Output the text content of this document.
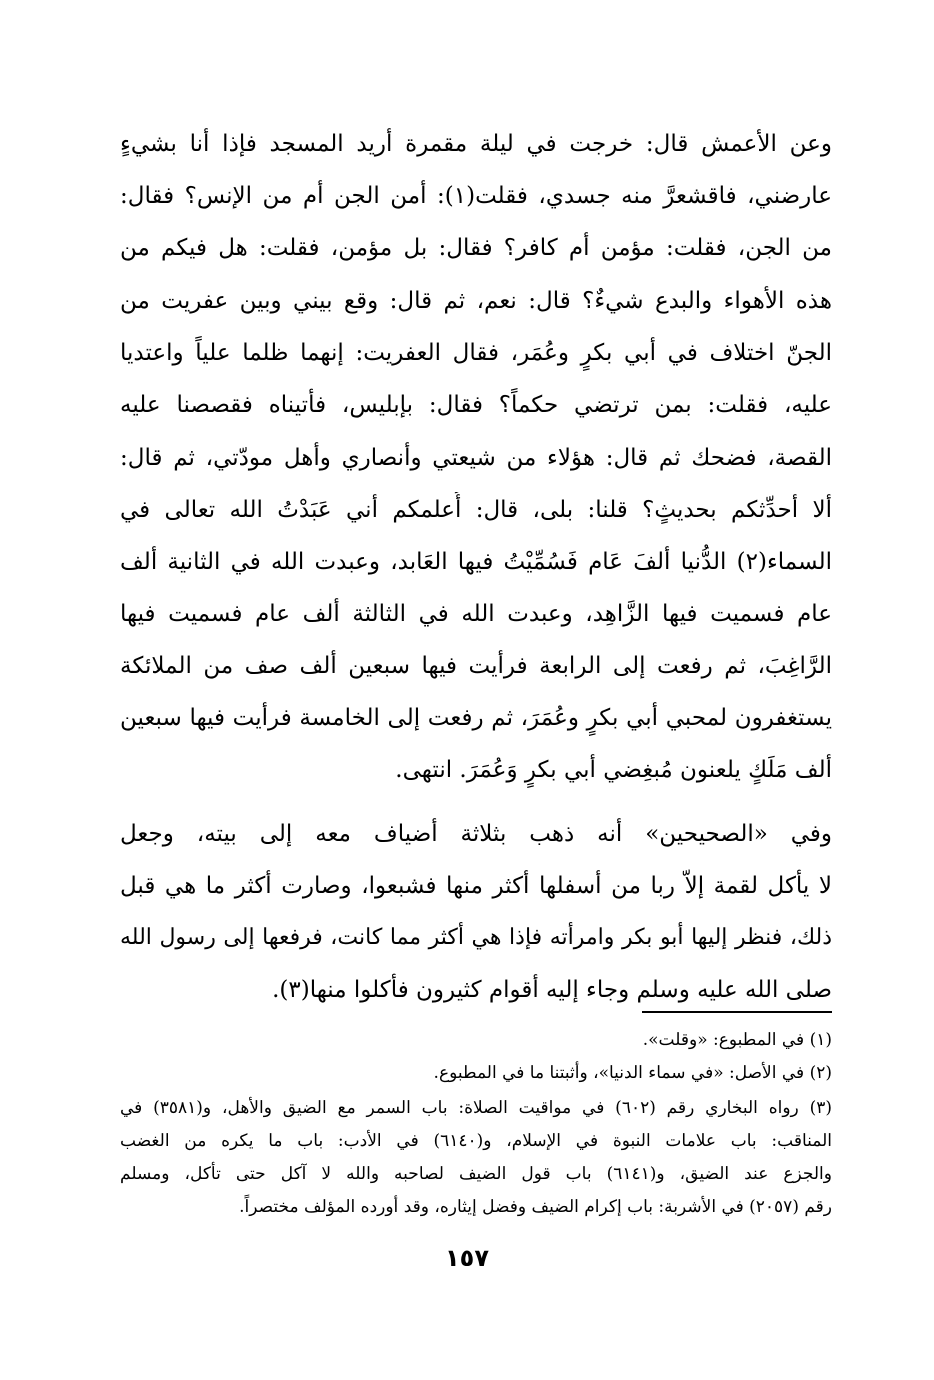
وعن الأعمش قال: خرجت في ليلة مقمرة أريد المسجد فإذا أنا بشيءٍ
عارضني، فاقشعرَّ منه جسدي، فقلت(١): أمن الجن أم من الإنس؟ فقال:
من الجن، فقلت: مؤمن أم كافر؟ فقال: بل مؤمن، فقلت: هل فيكم من
هذه الأهواء والبدع شيءٌ؟ قال: نعم، ثم قال: وقع بيني وبين عفريت من
الجنّ اختلاف في أبي بكرٍ وعُمَر، فقال العفريت: إنهما ظلما علياً واعتديا
عليه، فقلت: بمن ترتضي حكماً؟ فقال: بإبليس، فأتيناه فقصصنا عليه
القصة، فضحك ثم قال: هؤلاء من شيعتي وأنصاري وأهل مودّتي، ثم قال:
ألا أحدِّثكم بحديثٍ؟ قلنا: بلى، قال: أُعلمكم أني عَبَدْتُ الله تعالى في
السماء(٢) الدُّنيا ألفَ عَام فَسُمِّيْتُ فيها العَابد، وعبدت الله في الثانية ألف
عام فسميت فيها الزَّاهِد، وعبدت الله في الثالثة ألف عام فسميت فيها
الرَّاغِبَ، ثم رفعت إلى الرابعة فرأيت فيها سبعين ألف صف من الملائكة
يستغفرون لمحبي أبي بكرٍ وعُمَرَ، ثم رفعت إلى الخامسة فرأيت فيها سبعين
ألف مَلَكٍ يلعنون مُبغِضي أبي بكرٍ وَعُمَرَ. انتهى.
وفي «الصحيحين» أنه ذهب بثلاثة أضياف معه إلى بيته، وجعل
لا يأكل لقمة إلاّ ربا من أسفلها أكثر منها فشبعوا، وصارت أكثر ما هي قبل
ذلك، فنظر إليها أبو بكر وامرأته فإذا هي أكثر مما كانت، فرفعها إلى رسول الله
صلى الله عليه وسلم وجاء إليه أقوام كثيرون فأكلوا منها(٣).
(١) في المطبوع: «وقلت».
(٢) في الأصل: «في سماء الدنيا»، وأثبتنا ما في المطبوع.
(٣) رواه البخاري رقم (٦٠٢) في مواقيت الصلاة: باب السمر مع الضيق والأهل، و(٣٥٨١) في
المناقب: باب علامات النبوة في الإسلام، و(٦١٤٠) في الأدب: باب ما يكره من الغضب
والجزع عند الضيق، و(٦١٤١) باب قول الضيف لصاحبه والله لا آكل حتى تأكل، ومسلم
رقم (٢٠٥٧) في الأشربة: باب إكرام الضيف وفضل إيثاره، وقد أورده المؤلف مختصراً.
١٥٧
